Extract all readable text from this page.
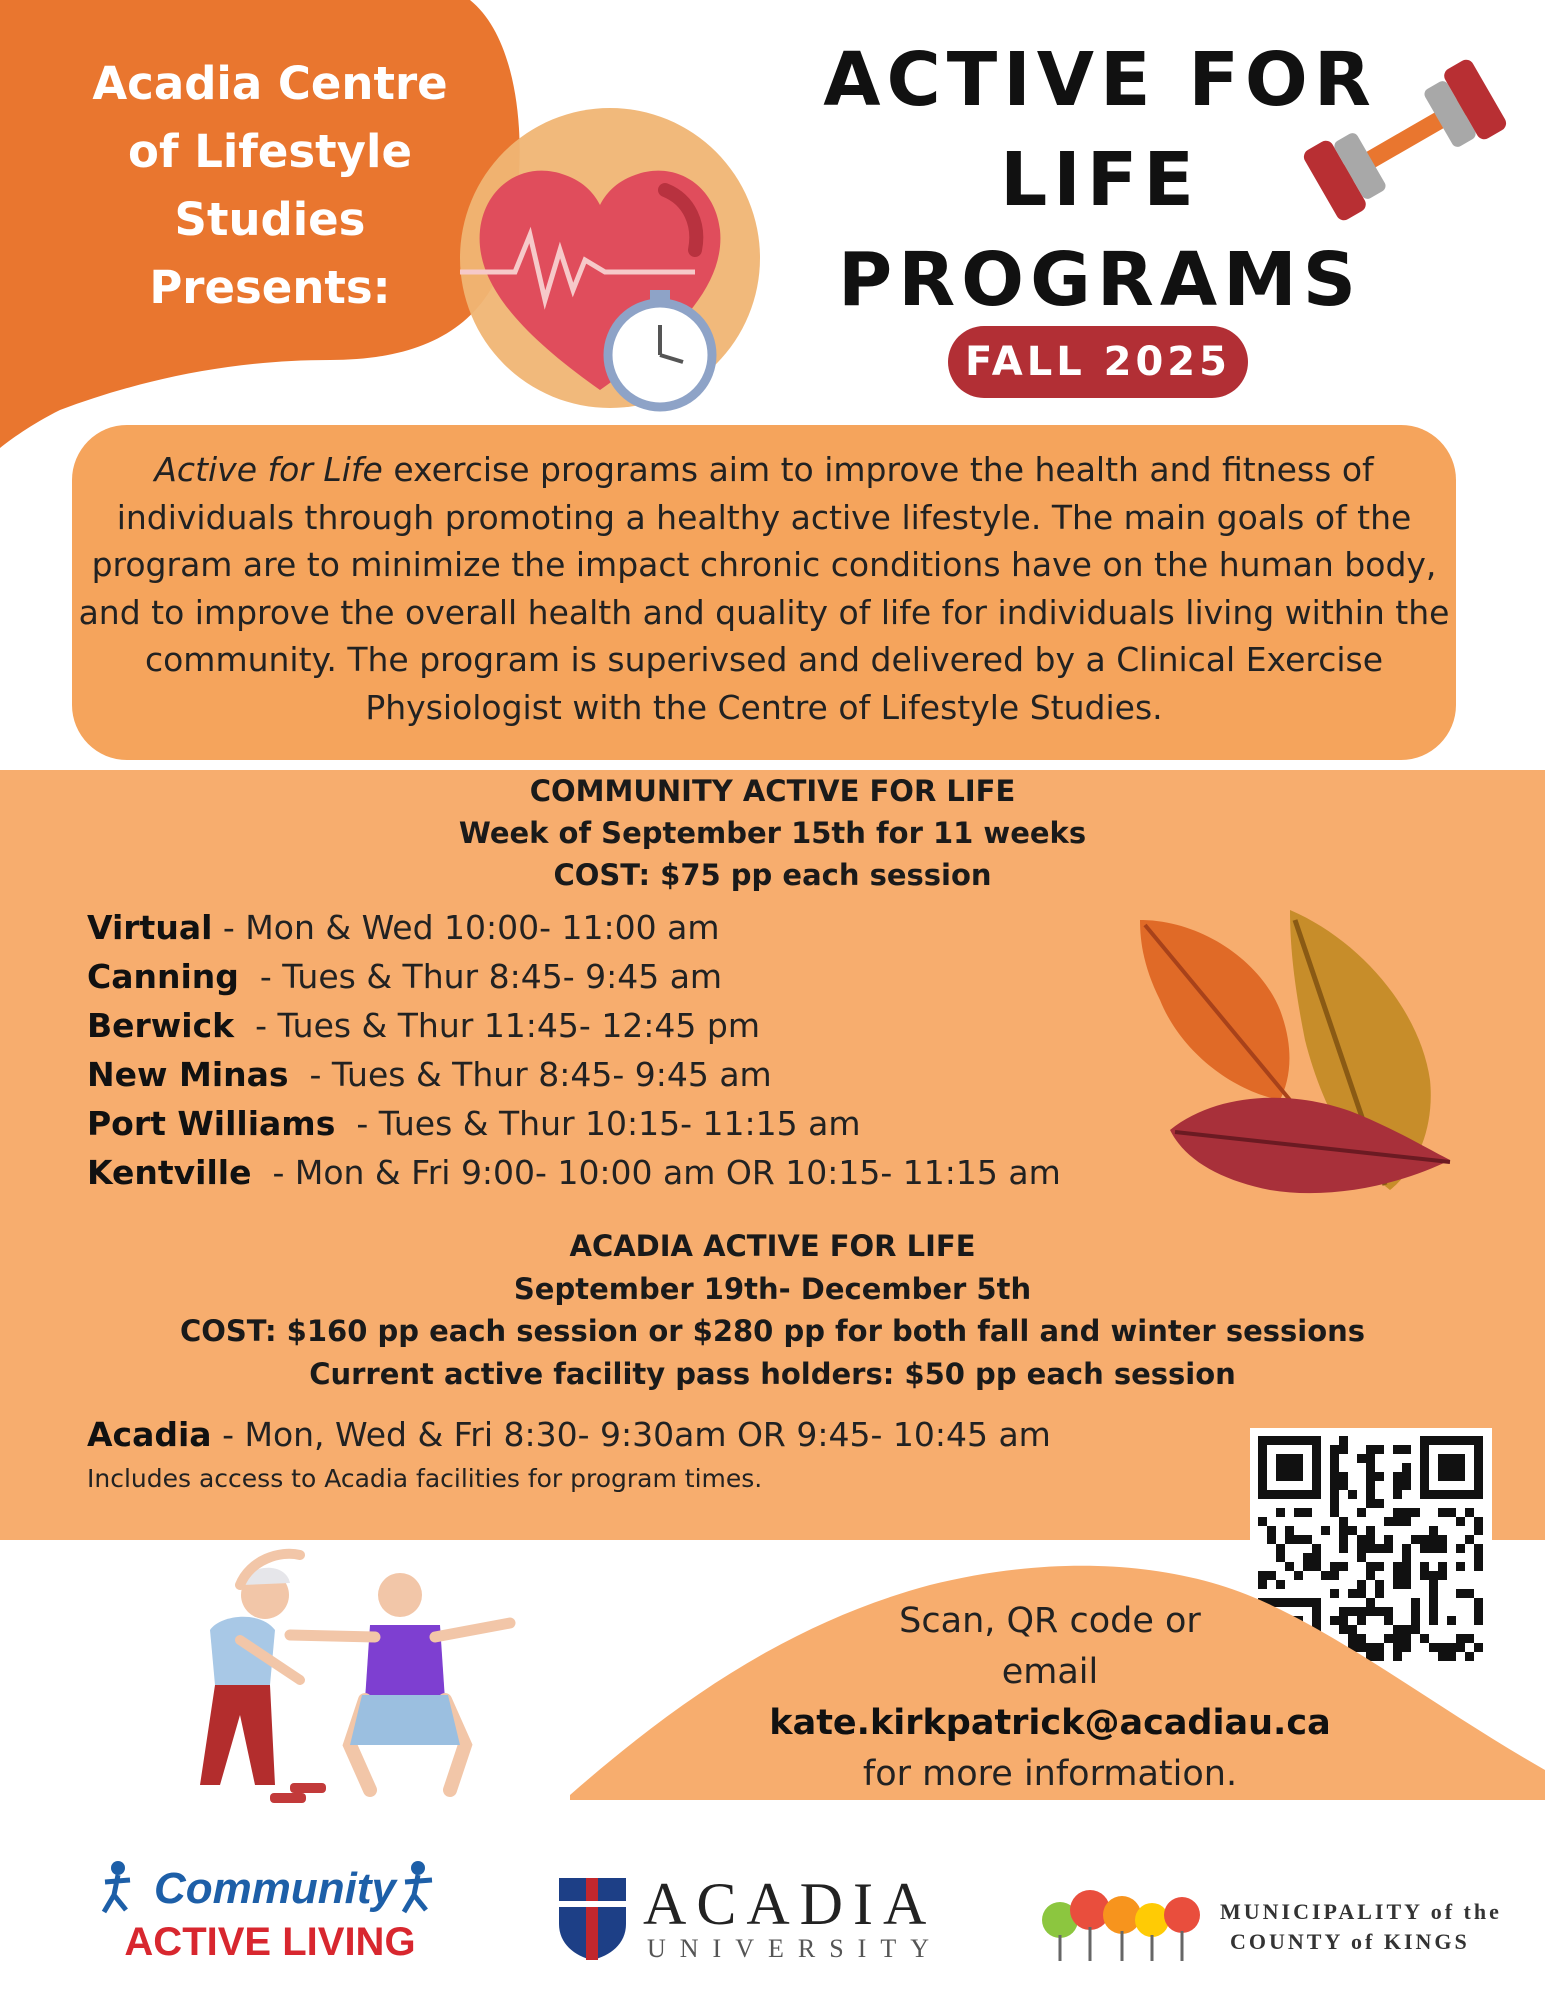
Acadia Centre
of Lifestyle
Studies
Presents:
ACTIVE FOR
LIFE
PROGRAMS
FALL 2025
Active for Life exercise programs aim to improve the health and fitness of individuals through promoting a healthy active lifestyle. The main goals of the program are to minimize the impact chronic conditions have on the human body, and to improve the overall health and quality of life for individuals living within the community. The program is superivsed and delivered by a Clinical Exercise Physiologist with the Centre of Lifestyle Studies.
COMMUNITY ACTIVE FOR LIFE
Week of September 15th for 11 weeks
COST: $75 pp each session
Virtual - Mon & Wed 10:00- 11:00 am
Canning  - Tues & Thur 8:45- 9:45 am
Berwick  - Tues & Thur 11:45- 12:45 pm
New Minas  - Tues & Thur 8:45- 9:45 am
Port Williams  - Tues & Thur 10:15- 11:15 am
Kentville  - Mon & Fri 9:00- 10:00 am OR 10:15- 11:15 am
ACADIA ACTIVE FOR LIFE
September 19th- December 5th
COST: $160 pp each session or $280 pp for both fall and winter sessions
Current active facility pass holders: $50 pp each session
Acadia - Mon, Wed & Fri 8:30- 9:30am OR 9:45- 10:45 am
Includes access to Acadia facilities for program times.
Scan, QR code or
email
kate.kirkpatrick@acadiau.ca
for more information.
Community
ACTIVE LIVING
ACADIA
UNIVERSITY
MUNICIPALITY of the
COUNTY of KINGS
